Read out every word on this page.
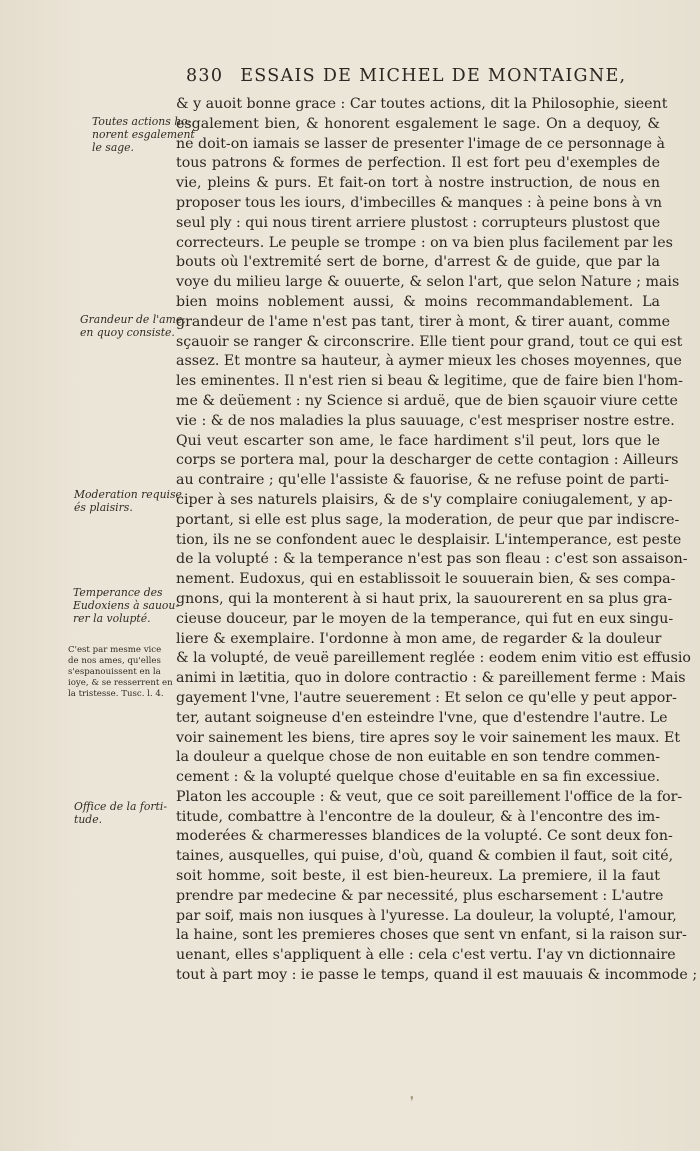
830 ESSAIS DE MICHEL DE MONTAIGNE,
& y auoit bonne grace : Car toutes actions, dit la Philosophie, sieent
esgalement bien, & honorent esgalement le sage. On a dequoy, &
ne doit-on iamais se lasser de presenter l'image de ce personnage à
tous patrons & formes de perfection. Il est fort peu d'exemples de
vie, pleins & purs. Et fait-on tort à nostre instruction, de nous en
proposer tous les iours, d'imbecilles & manques : à peine bons à vn
seul ply : qui nous tirent arriere plustost : corrupteurs plustost que
correcteurs. Le peuple se trompe : on va bien plus facilement par les
bouts où l'extremité sert de borne, d'arrest & de guide, que par la
voye du milieu large & ouuerte, & selon l'art, que selon Nature ; mais
bien moins noblement aussi, & moins recommandablement. La
grandeur de l'ame n'est pas tant, tirer à mont, & tirer auant, comme
sçauoir se ranger & circonscrire. Elle tient pour grand, tout ce qui est
assez. Et montre sa hauteur, à aymer mieux les choses moyennes, que
les eminentes. Il n'est rien si beau & legitime, que de faire bien l'hom-
me & deüement : ny Science si arduë, que de bien sçauoir viure cette
vie : & de nos maladies la plus sauuage, c'est mespriser nostre estre.
Qui veut escarter son ame, le face hardiment s'il peut, lors que le
corps se portera mal, pour la descharger de cette contagion : Ailleurs
au contraire ; qu'elle l'assiste & fauorise, & ne refuse point de parti-
ciper à ses naturels plaisirs, & de s'y complaire coniugalement, y ap-
portant, si elle est plus sage, la moderation, de peur que par indiscre-
tion, ils ne se confondent auec le desplaisir. L'intemperance, est peste
de la volupté : & la temperance n'est pas son fleau : c'est son assaison-
nement. Eudoxus, qui en establissoit le souuerain bien, & ses compa-
gnons, qui la monterent à si haut prix, la sauourerent en sa plus gra-
cieuse douceur, par le moyen de la temperance, qui fut en eux singu-
liere & exemplaire. I'ordonne à mon ame, de regarder & la douleur
& la volupté, de veuë pareillement reglée : eodem enim vitio est effusio
animi in lætitia, quo in dolore contractio : & pareillement ferme : Mais
gayement l'vne, l'autre seuerement : Et selon ce qu'elle y peut appor-
ter, autant soigneuse d'en esteindre l'vne, que d'estendre l'autre. Le
voir sainement les biens, tire apres soy le voir sainement les maux. Et
la douleur a quelque chose de non euitable en son tendre commen-
cement : & la volupté quelque chose d'euitable en sa fin excessiue.
Platon les accouple : & veut, que ce soit pareillement l'office de la for-
titude, combattre à l'encontre de la douleur, & à l'encontre des im-
moderées & charmeresses blandices de la volupté. Ce sont deux fon-
taines, ausquelles, qui puise, d'où, quand & combien il faut, soit cité,
soit homme, soit beste, il est bien-heureux. La premiere, il la faut
prendre par medecine & par necessité, plus escharsement : L'autre
par soif, mais non iusques à l'yuresse. La douleur, la volupté, l'amour,
la haine, sont les premieres choses que sent vn enfant, si la raison sur-
uenant, elles s'appliquent à elle : cela c'est vertu. I'ay vn dictionnaire
tout à part moy : ie passe le temps, quand il est mauuais & incommode ;
Toutes actions ho-
norent esgalement
le sage.
Grandeur de l'ame,
en quoy consiste.
Moderation requise
és plaisirs.
Temperance des
Eudoxiens à sauou-
rer la volupté.
C'est par mesme vice
de nos ames, qu'elles
s'espanouissent en la
ioye, & se resserrent en
la tristesse. Tusc. l. 4.
Office de la forti-
tude.
❜
